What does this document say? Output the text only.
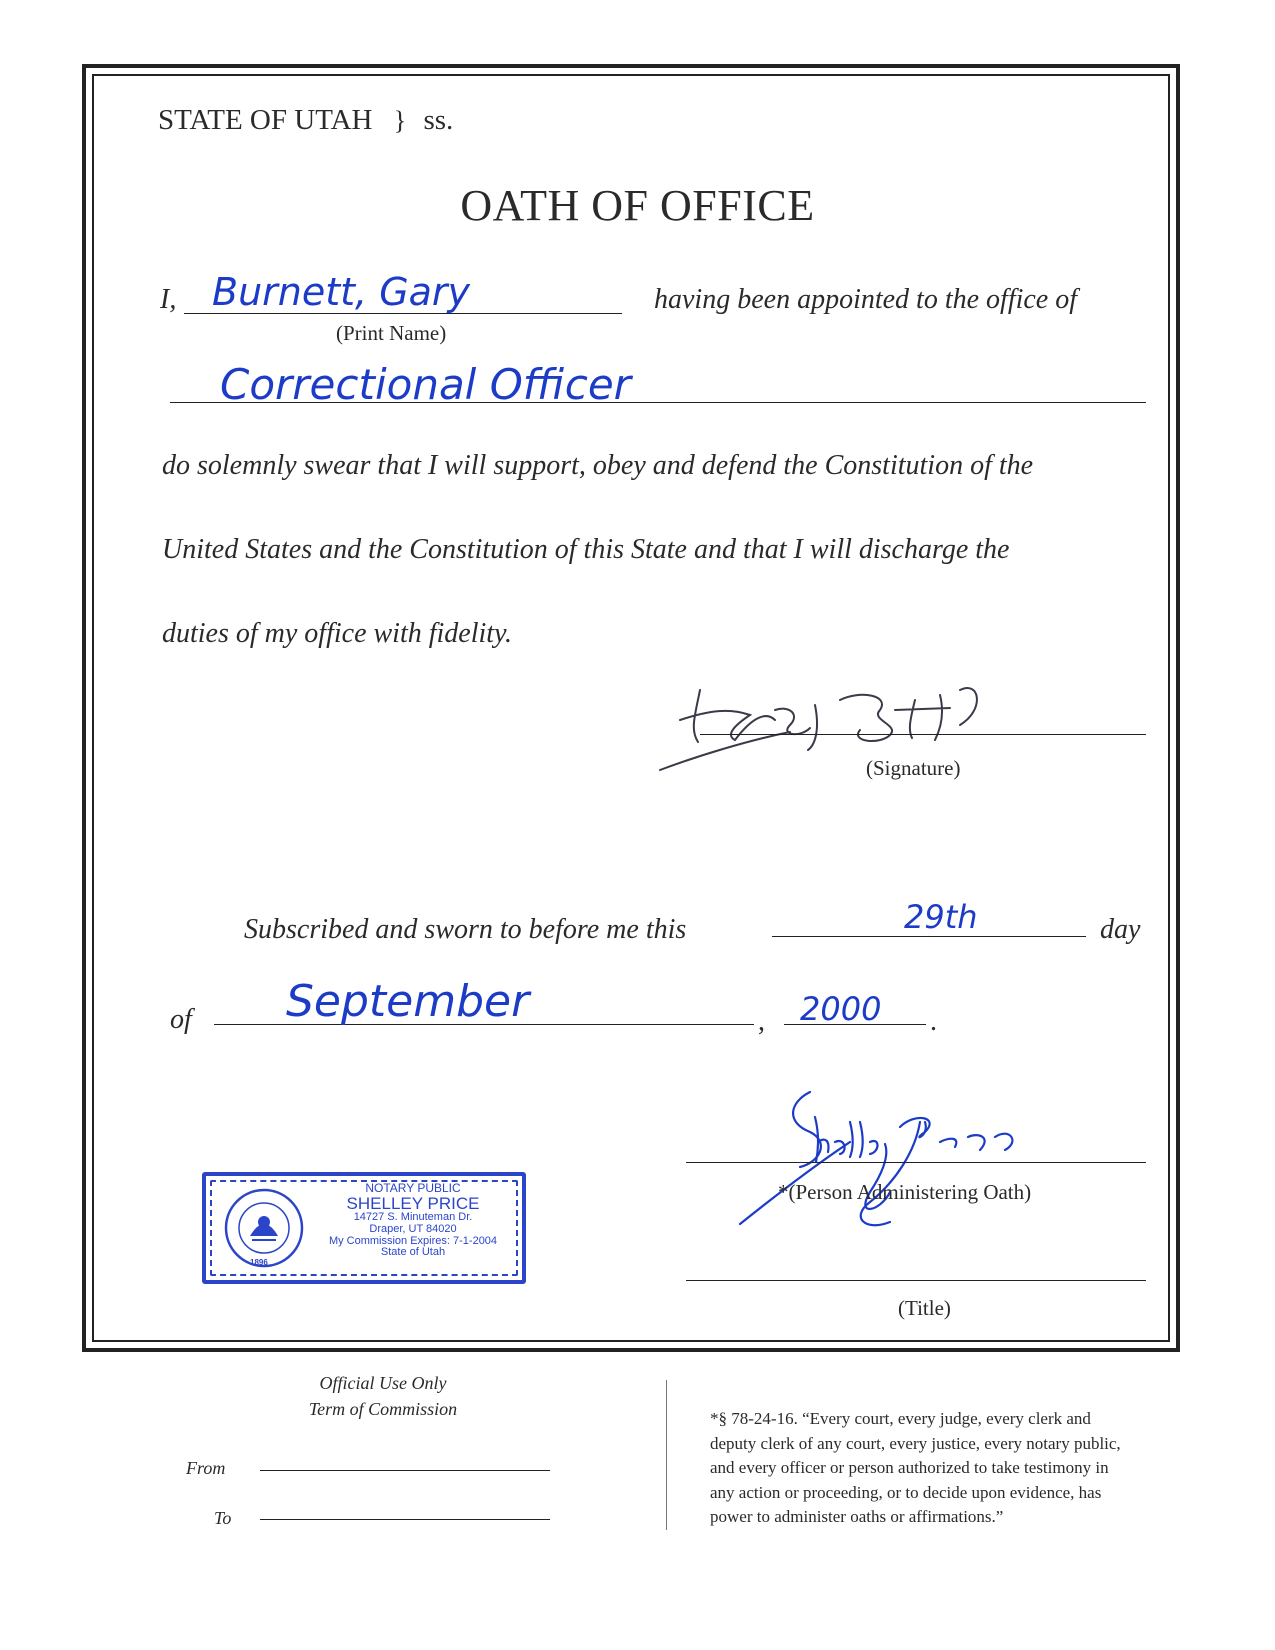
STATE OF UTAH } ss.
OATH OF OFFICE
I, Burnett, Gary
(Print Name)
having been appointed to the office of
Correctional Officer
do solemnly swear that I will support, obey and defend the Constitution of the
United States and the Constitution of this State and that I will discharge the
duties of my office with fidelity.
(Signature)
Subscribed and sworn to before me this	29th	day
of September	, 2000 .
1896
NOTARY PUBLIC
SHELLEY PRICE
14727 S. Minuteman Dr.
Draper, UT 84020
My Commission Expires: 7-1-2004
State of Utah
*(Person Administering Oath)
(Title)
Official Use Only
Term of Commission
From
To
*§ 78-24-16. “Every court, every judge, every clerk and
deputy clerk of any court, every justice, every notary public,
and every officer or person authorized to take testimony in
any action or proceeding, or to decide upon evidence, has
power to administer oaths or affirmations.”
